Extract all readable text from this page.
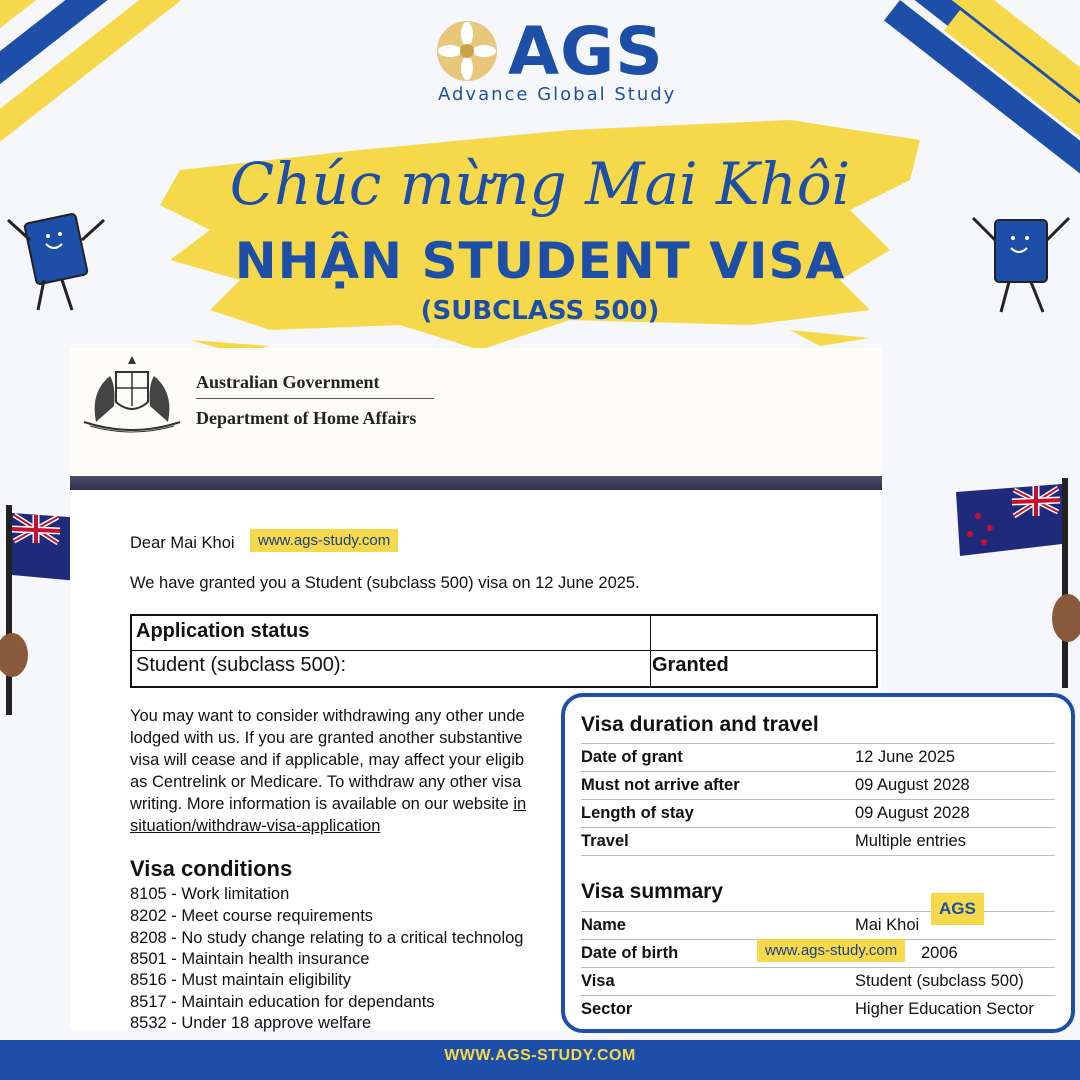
AGS
Advance Global Study
Chúc mừng Mai Khôi
NHẬN STUDENT VISA
(SUBCLASS 500)
Australian Government
Department of Home Affairs
Dear Mai Khoi	www.ags-study.com
We have granted you a Student (subclass 500) visa on 12 June 2025.
Application status
Student (subclass 500):	Granted
You may want to consider withdrawing any other unde
lodged with us. If you are granted another substantive
visa will cease and if applicable, may affect your eligib
as Centrelink or Medicare. To withdraw any other visa
writing. More information is available on our website in
situation/withdraw-visa-application
Visa conditions
8105 - Work limitation
8202 - Meet course requirements
8208 - No study change relating to a critical technolog
8501 - Maintain health insurance
8516 - Must maintain eligibility
8517 - Maintain education for dependants
8532 - Under 18 approve welfare
Visa duration and travel
Date of grant	12 June 2025
Must not arrive after	09 August 2028
Length of stay	09 August 2028
Travel	Multiple entries
Visa summary
Name	Mai Khoi
Date of birth	2006
Visa	Student (subclass 500)
Sector	Higher Education Sector
AGS
www.ags-study.com
WWW.AGS-STUDY.COM
